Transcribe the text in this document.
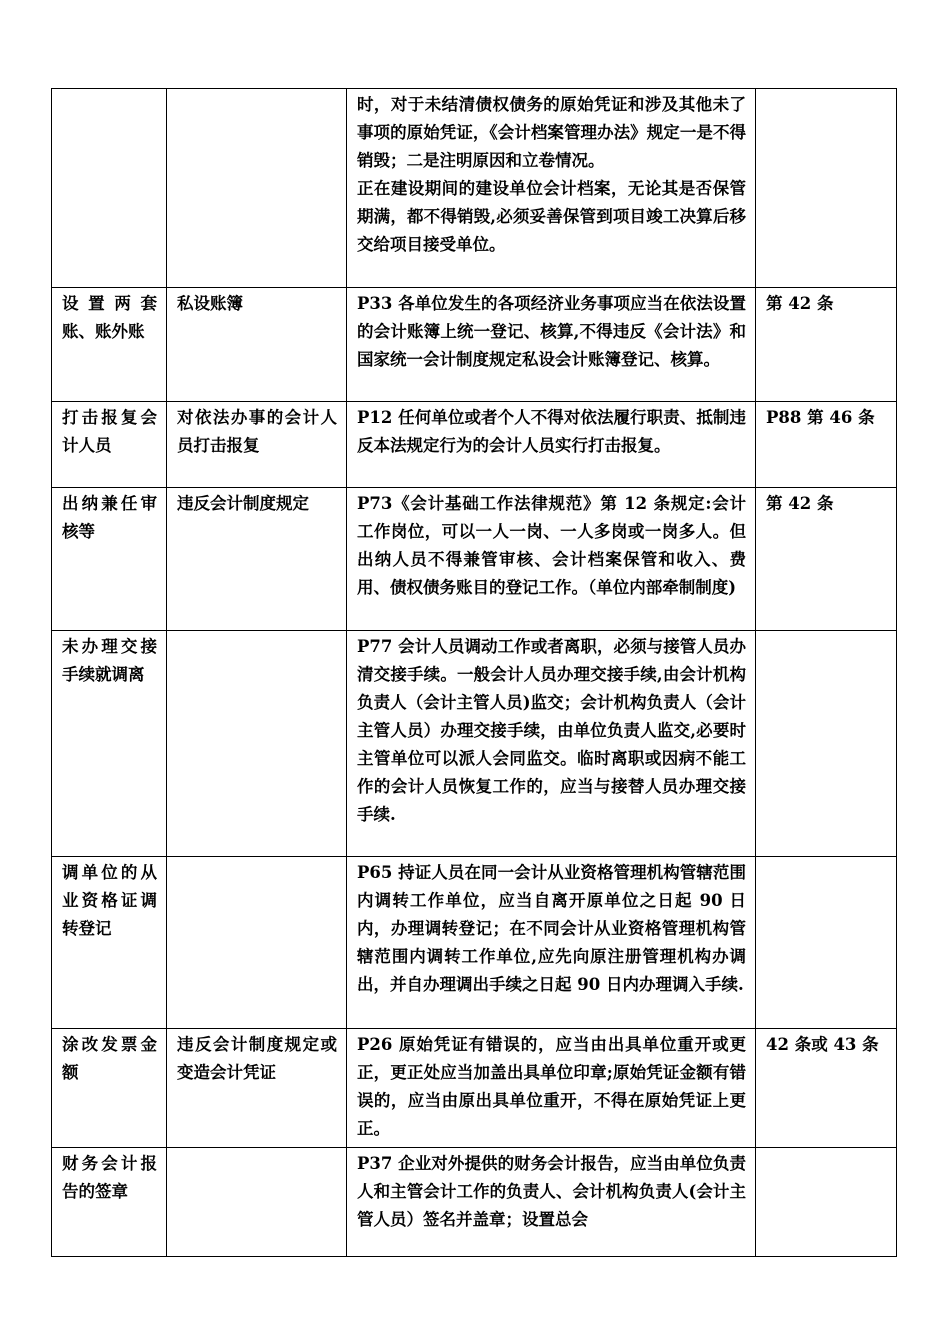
		时，对于未结清债权债务的原始凭证和涉及其他未了事项的原始凭证，《会计档案管理办法》规定一是不得销毁；二是注明原因和立卷情况。
正在建设期间的建设单位会计档案，无论其是否保管期满，都不得销毁,必须妥善保管到项目竣工决算后移交给项目接受单位。	

设置两套账、账外账	私设账簿	P33 各单位发生的各项经济业务事项应当在依法设置的会计账簿上统一登记、核算,不得违反《会计法》和国家统一会计制度规定私设会计账簿登记、核算。	第 42 条

打击报复会计人员	对依法办事的会计人员打击报复	P12 任何单位或者个人不得对依法履行职责、抵制违反本法规定行为的会计人员实行打击报复。	P88 第 46 条

出纳兼任审核等	违反会计制度规定	P73《会计基础工作法律规范》第 12 条规定:会计工作岗位，可以一人一岗、一人多岗或一岗多人。但出纳人员不得兼管审核、会计档案保管和收入、费用、债权债务账目的登记工作。（单位内部牵制制度)	第 42 条

未办理交接手续就调离		P77 会计人员调动工作或者离职，必须与接管人员办清交接手续。一般会计人员办理交接手续,由会计机构负责人（会计主管人员)监交；会计机构负责人（会计主管人员）办理交接手续，由单位负责人监交,必要时主管单位可以派人会同监交。临时离职或因病不能工作的会计人员恢复工作的，应当与接替人员办理交接手续.	

调单位的从业资格证调转登记		P65 持证人员在同一会计从业资格管理机构管辖范围内调转工作单位，应当自离开原单位之日起 90 日内，办理调转登记；在不同会计从业资格管理机构管辖范围内调转工作单位,应先向原注册管理机构办调出，并自办理调出手续之日起 90 日内办理调入手续.	

涂改发票金额	违反会计制度规定或变造会计凭证	P26 原始凭证有错误的，应当由出具单位重开或更正，更正处应当加盖出具单位印章;原始凭证金额有错误的，应当由原出具单位重开，不得在原始凭证上更正。	42 条或 43 条

财务会计报告的签章		P37 企业对外提供的财务会计报告，应当由单位负责人和主管会计工作的负责人、会计机构负责人(会计主管人员）签名并盖章；设置总会	
